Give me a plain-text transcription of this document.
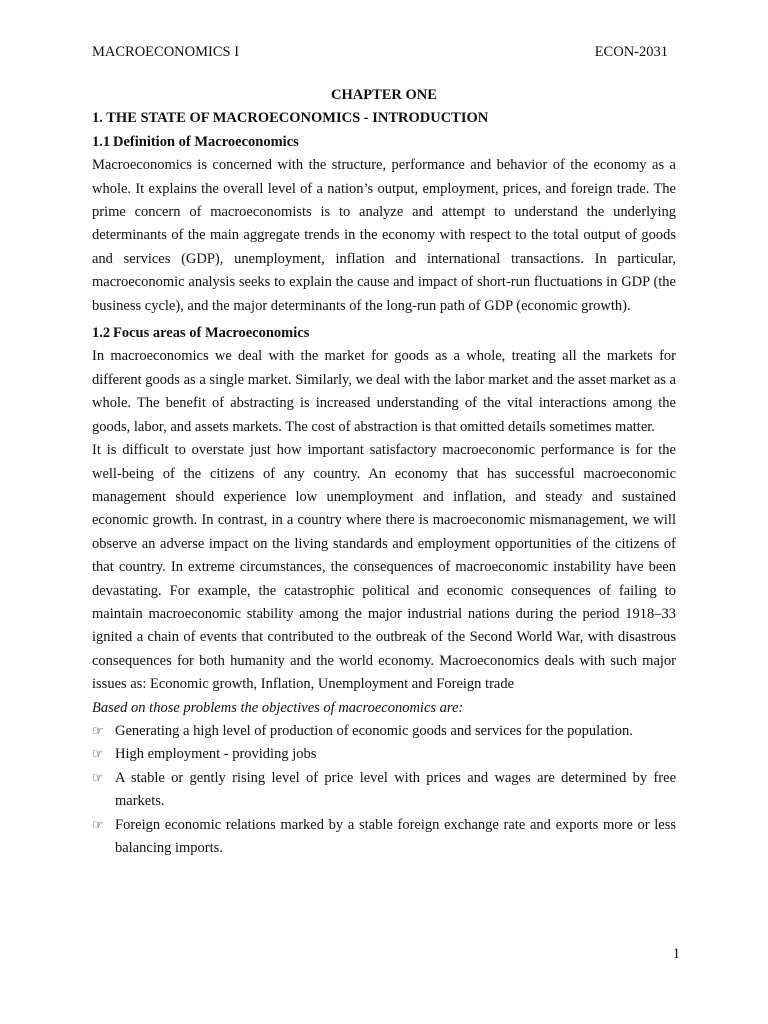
MACROECONOMICS I	ECON-2031
CHAPTER ONE
1. THE STATE OF MACROECONOMICS - INTRODUCTION
1.1 Definition of Macroeconomics

Macroeconomics is concerned with the structure, performance and behavior of the economy as a whole. It explains the overall level of a nation’s output, employment, prices, and foreign trade. The prime concern of macroeconomists is to analyze and attempt to understand the underlying determinants of the main aggregate trends in the economy with respect to the total output of goods and services (GDP), unemployment, inflation and international transactions. In particular, macroeconomic analysis seeks to explain the cause and impact of short-run fluctuations in GDP (the business cycle), and the major determinants of the long-run path of GDP (economic growth).

1.2 Focus areas of Macroeconomics

In macroeconomics we deal with the market for goods as a whole, treating all the markets for different goods as a single market. Similarly, we deal with the labor market and the asset market as a whole. The benefit of abstracting is increased understanding of the vital interactions among the goods, labor, and assets markets. The cost of abstraction is that omitted details sometimes matter.

It is difficult to overstate just how important satisfactory macroeconomic performance is for the well-being of the citizens of any country. An economy that has successful macroeconomic management should experience low unemployment and inflation, and steady and sustained economic growth. In contrast, in a country where there is macroeconomic mismanagement, we will observe an adverse impact on the living standards and employment opportunities of the citizens of that country. In extreme circumstances, the consequences of macroeconomic instability have been devastating. For example, the catastrophic political and economic consequences of failing to maintain macroeconomic stability among the major industrial nations during the period 1918–33 ignited a chain of events that contributed to the outbreak of the Second World War, with disastrous consequences for both humanity and the world economy. Macroeconomics deals with such major issues as: Economic growth, Inflation, Unemployment and Foreign trade

Based on those problems the objectives of macroeconomics are:

☞ Generating a high level of production of economic goods and services for the population.
☞ High employment - providing jobs
☞ A stable or gently rising level of price level with prices and wages are determined by free markets.
☞ Foreign economic relations marked by a stable foreign exchange rate and exports more or less balancing imports.
1
